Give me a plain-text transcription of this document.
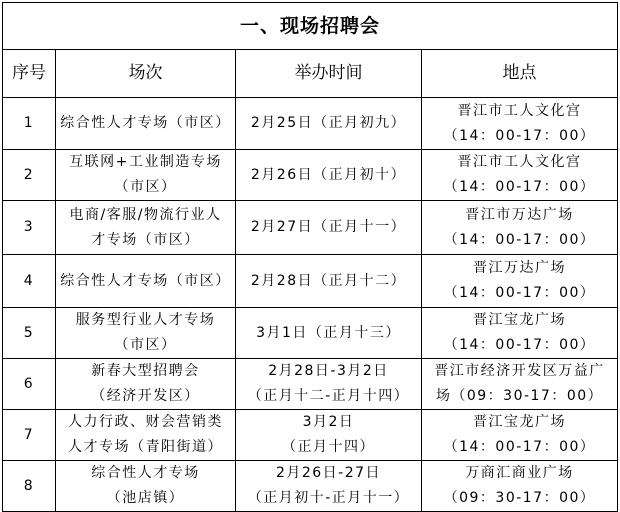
一、现场招聘会			
序号	场次	举办时间	地点
1	综合性人才专场（市区）	2月25日（正月初九）	晋江市工人文化宫
（14：00-17：00）

2	互联网+工业制造专场
（市区）	2月26日（正月初十）	晋江市工人文化宫
（14：00-17：00）

3	电商/客服/物流行业人
才专场（市区）	2月27日（正月十一）	晋江市万达广场
（14：00-17：00）

4	综合性人才专场（市区）	2月28日（正月十二）	晋江万达广场
（14：00-17：00）

5	服务型行业人才专场
（市区）	3月1日（正月十三）	晋江宝龙广场
（14：00-17：00）

6	新春大型招聘会
（经济开发区）	2月28日-3月2日
（正月十二-正月十四）	晋江市经济开发区万益广
场（09：30-17：00）

7	人力行政、财会营销类
人才专场（青阳街道）	3月2日
（正月十四）	晋江宝龙广场
（14：00-17：00）

8	综合性人才专场
（池店镇）	2月26日-27日
（正月初十-正月十一）	万商汇商业广场
（09：30-17：00）
